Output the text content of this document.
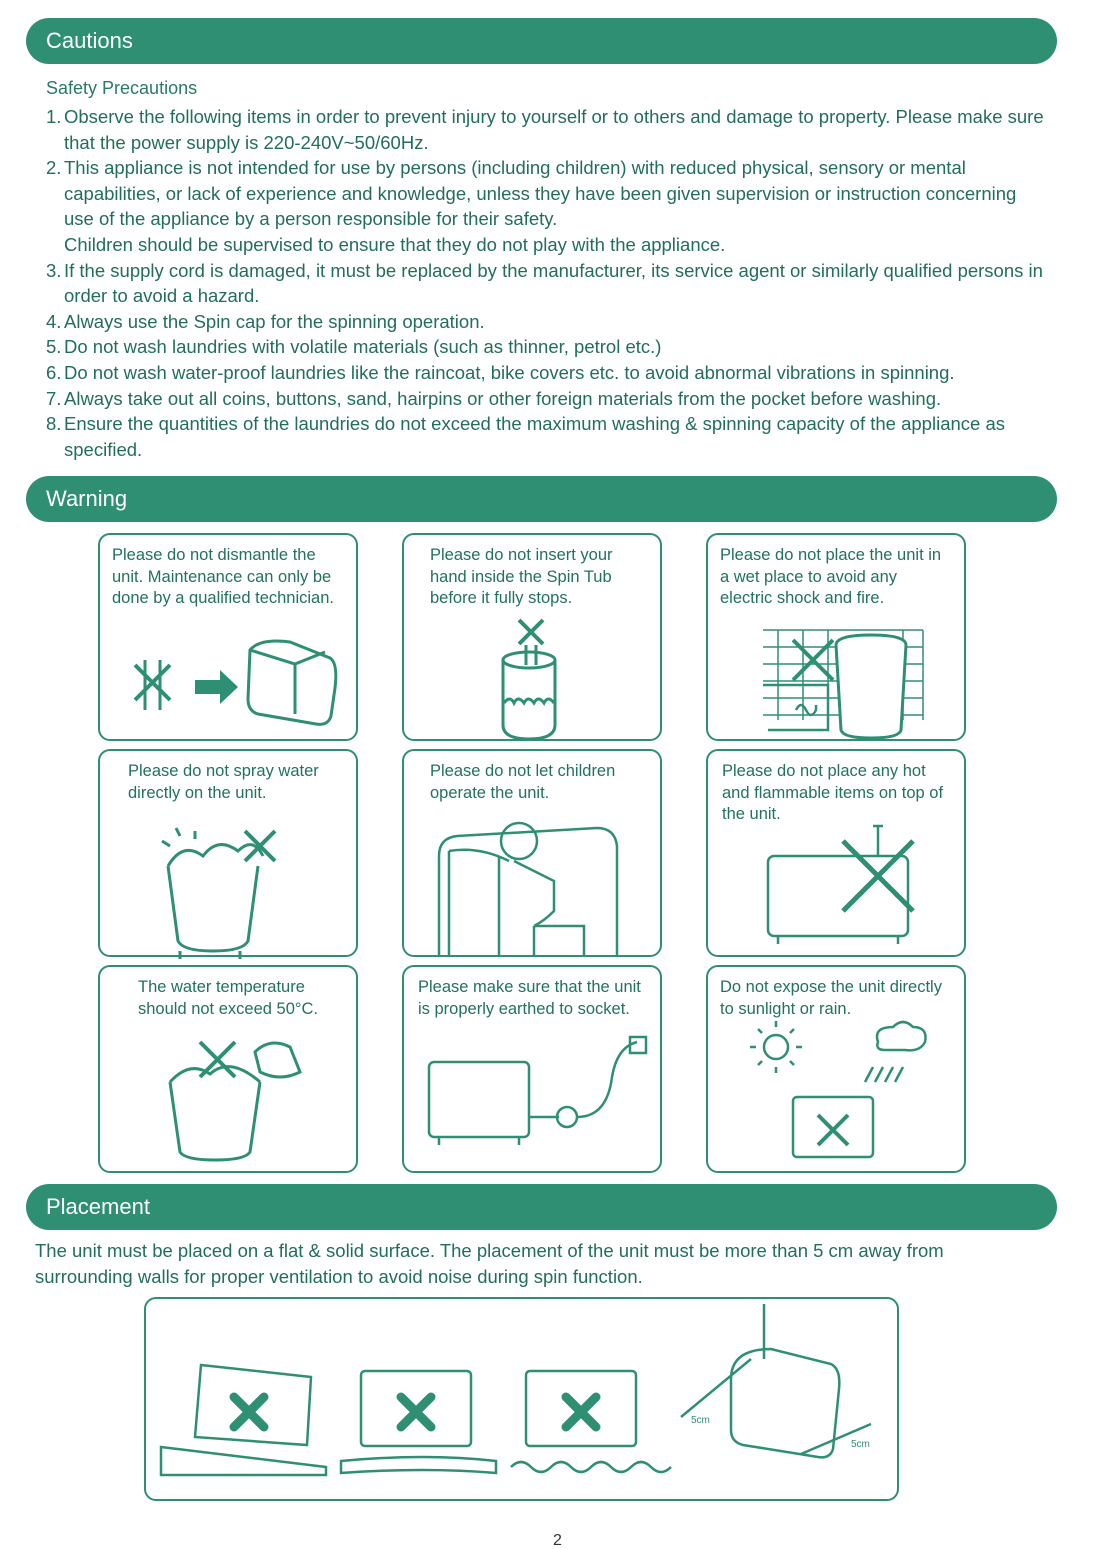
Cautions
Safety Precautions
1. Observe the following items in order to prevent injury to yourself or to others and damage to property. Please make sure that the power supply is 220-240V~50/60Hz.
2. This appliance is not intended for use by persons (including children) with reduced physical, sensory or mental capabilities, or lack of experience and knowledge, unless they have been given supervision or instruction concerning use of the appliance by a person responsible for their safety.
Children should be supervised to ensure that they do not play with the appliance.
3. If the supply cord is damaged, it must be replaced by the manufacturer, its service agent or similarly qualified persons in order to avoid a hazard.
4. Always use the Spin cap for the spinning operation.
5. Do not wash laundries with volatile materials (such as thinner, petrol etc.)
6. Do not wash water-proof laundries like the raincoat, bike covers etc. to avoid abnormal vibrations in spinning.
7. Always take out all coins, buttons, sand, hairpins or other foreign materials from the pocket before washing.
8. Ensure the quantities of the laundries do not exceed the maximum washing & spinning capacity of the appliance as specified.
Warning
Please do not dismantle the unit. Maintenance can only be done by a qualified technician.
Please do not insert your hand inside the Spin Tub before it fully stops.
Please do not place the unit in a wet place to avoid any electric shock and fire.
Please do not spray water directly on the unit.
Please do not let children operate the unit.
Please do not place any hot and flammable items on top of the unit.
The water temperature should not exceed 50°C.
Please make sure that the unit is properly earthed to socket.
Do not expose the unit directly to sunlight or rain.
Placement
The unit must be placed on a flat & solid surface. The placement of the unit must be more than 5 cm away from surrounding walls for proper ventilation to avoid noise during spin function.
5cm
5cm
2
